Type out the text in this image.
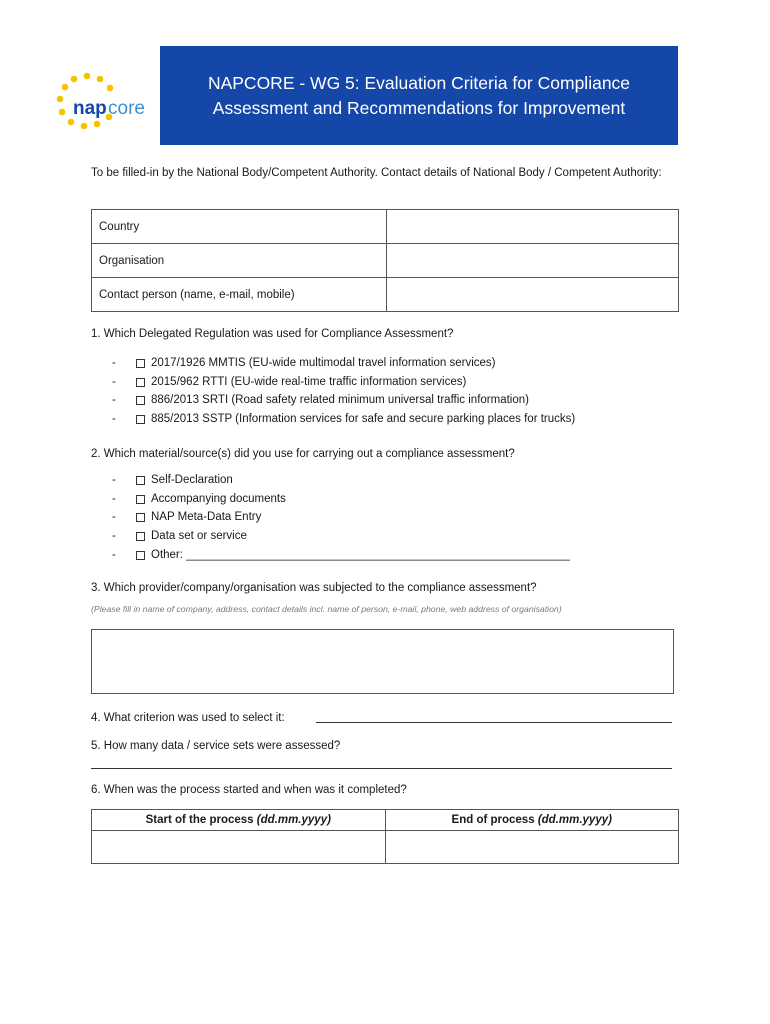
nap core
NAPCORE - WG 5: Evaluation Criteria for Compliance
Assessment and Recommendations for Improvement
To be filled-in by the National Body/Competent Authority. Contact details of National Body / Competent Authority:
Country	
Organisation	
Contact person (name, e-mail, mobile)	
1. Which Delegated Regulation was used for Compliance Assessment?
-	2017/1926 MMTIS (EU-wide multimodal travel information services)
-	2015/962 RTTI (EU-wide real-time traffic information services)
-	886/2013 SRTI (Road safety related minimum universal traffic information)
-	885/2013 SSTP (Information services for safe and secure parking places for trucks)
2. Which material/source(s) did you use for carrying out a compliance assessment?
-	Self-Declaration
-	Accompanying documents
-	NAP Meta-Data Entry
-	Data set or service
-	Other: ____________________________________________________________
3. Which provider/company/organisation was subjected to the compliance assessment?
(Please fill in name of company, address, contact details incl. name of person, e-mail, phone, web address of organisation)
4. What criterion was used to select it:
5. How many data / service sets were assessed?
6. When was the process started and when was it completed?
Start of the process (dd.mm.yyyy)	End of process (dd.mm.yyyy)
